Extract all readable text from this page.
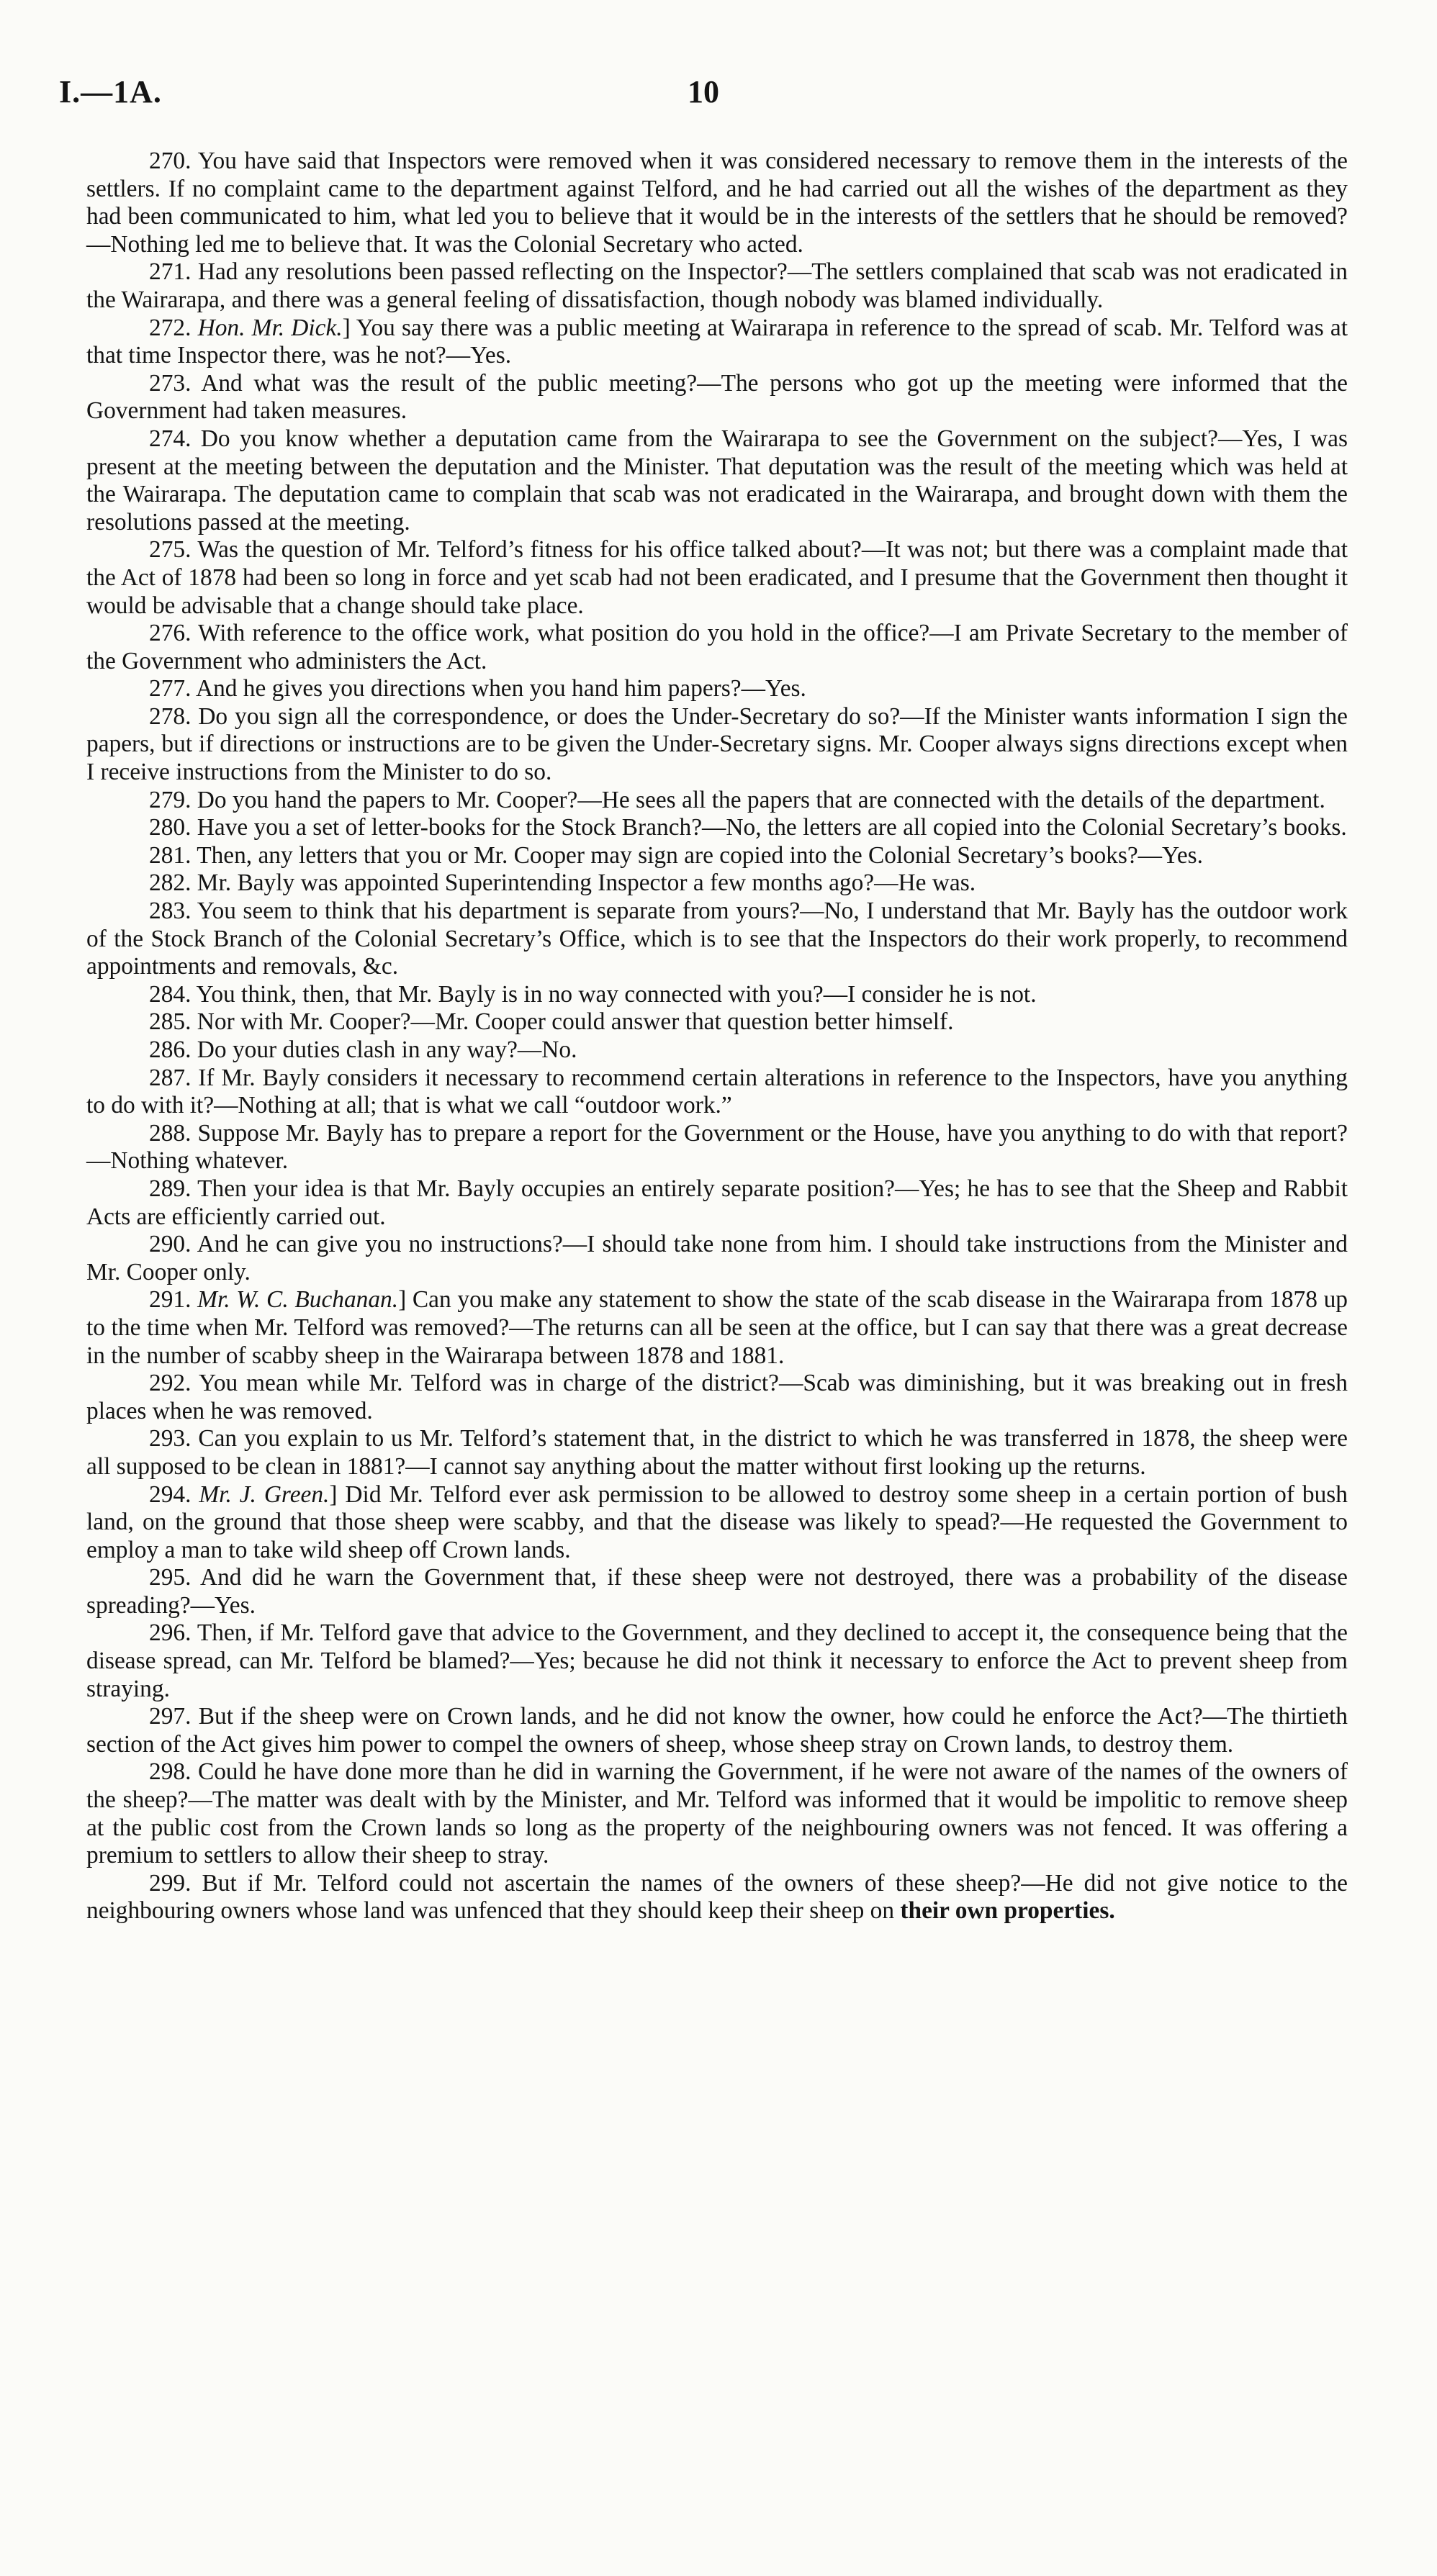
I.—1A.	10

270. You have said that Inspectors were removed when it was considered necessary to remove them in the interests of the settlers. If no complaint came to the department against Telford, and he had carried out all the wishes of the department as they had been communicated to him, what led you to believe that it would be in the interests of the settlers that he should be removed?—Nothing led me to believe that. It was the Colonial Secretary who acted.

271. Had any resolutions been passed reflecting on the Inspector?—The settlers complained that scab was not eradicated in the Wairarapa, and there was a general feeling of dissatisfaction, though nobody was blamed individually.

272. Hon. Mr. Dick.] You say there was a public meeting at Wairarapa in reference to the spread of scab. Mr. Telford was at that time Inspector there, was he not?—Yes.

273. And what was the result of the public meeting?—The persons who got up the meeting were informed that the Government had taken measures.

274. Do you know whether a deputation came from the Wairarapa to see the Government on the subject?—Yes, I was present at the meeting between the deputation and the Minister. That deputation was the result of the meeting which was held at the Wairarapa. The deputation came to complain that scab was not eradicated in the Wairarapa, and brought down with them the resolutions passed at the meeting.

275. Was the question of Mr. Telford’s fitness for his office talked about?—It was not; but there was a complaint made that the Act of 1878 had been so long in force and yet scab had not been eradicated, and I presume that the Government then thought it would be advisable that a change should take place.

276. With reference to the office work, what position do you hold in the office?—I am Private Secretary to the member of the Government who administers the Act.

277. And he gives you directions when you hand him papers?—Yes.

278. Do you sign all the correspondence, or does the Under-Secretary do so?—If the Minister wants information I sign the papers, but if directions or instructions are to be given the Under-Secretary signs. Mr. Cooper always signs directions except when I receive instructions from the Minister to do so.

279. Do you hand the papers to Mr. Cooper?—He sees all the papers that are connected with the details of the department.

280. Have you a set of letter-books for the Stock Branch?—No, the letters are all copied into the Colonial Secretary’s books.

281. Then, any letters that you or Mr. Cooper may sign are copied into the Colonial Secretary’s books?—Yes.

282. Mr. Bayly was appointed Superintending Inspector a few months ago?—He was.

283. You seem to think that his department is separate from yours?—No, I understand that Mr. Bayly has the outdoor work of the Stock Branch of the Colonial Secretary’s Office, which is to see that the Inspectors do their work properly, to recommend appointments and removals, &c.

284. You think, then, that Mr. Bayly is in no way connected with you?—I consider he is not.

285. Nor with Mr. Cooper?—Mr. Cooper could answer that question better himself.

286. Do your duties clash in any way?—No.

287. If Mr. Bayly considers it necessary to recommend certain alterations in reference to the Inspectors, have you anything to do with it?—Nothing at all; that is what we call “outdoor work.”

288. Suppose Mr. Bayly has to prepare a report for the Government or the House, have you anything to do with that report?—Nothing whatever.

289. Then your idea is that Mr. Bayly occupies an entirely separate position?—Yes; he has to see that the Sheep and Rabbit Acts are efficiently carried out.

290. And he can give you no instructions?—I should take none from him. I should take instructions from the Minister and Mr. Cooper only.

291. Mr. W. C. Buchanan.] Can you make any statement to show the state of the scab disease in the Wairarapa from 1878 up to the time when Mr. Telford was removed?—The returns can all be seen at the office, but I can say that there was a great decrease in the number of scabby sheep in the Wairarapa between 1878 and 1881.

292. You mean while Mr. Telford was in charge of the district?—Scab was diminishing, but it was breaking out in fresh places when he was removed.

293. Can you explain to us Mr. Telford’s statement that, in the district to which he was transferred in 1878, the sheep were all supposed to be clean in 1881?—I cannot say anything about the matter without first looking up the returns.

294. Mr. J. Green.] Did Mr. Telford ever ask permission to be allowed to destroy some sheep in a certain portion of bush land, on the ground that those sheep were scabby, and that the disease was likely to spead?—He requested the Government to employ a man to take wild sheep off Crown lands.

295. And did he warn the Government that, if these sheep were not destroyed, there was a probability of the disease spreading?—Yes.

296. Then, if Mr. Telford gave that advice to the Government, and they declined to accept it, the consequence being that the disease spread, can Mr. Telford be blamed?—Yes; because he did not think it necessary to enforce the Act to prevent sheep from straying.

297. But if the sheep were on Crown lands, and he did not know the owner, how could he enforce the Act?—The thirtieth section of the Act gives him power to compel the owners of sheep, whose sheep stray on Crown lands, to destroy them.

298. Could he have done more than he did in warning the Government, if he were not aware of the names of the owners of the sheep?—The matter was dealt with by the Minister, and Mr. Telford was informed that it would be impolitic to remove sheep at the public cost from the Crown lands so long as the property of the neighbouring owners was not fenced. It was offering a premium to settlers to allow their sheep to stray.

299. But if Mr. Telford could not ascertain the names of the owners of these sheep?—He did not give notice to the neighbouring owners whose land was unfenced that they should keep their sheep on their own properties.
